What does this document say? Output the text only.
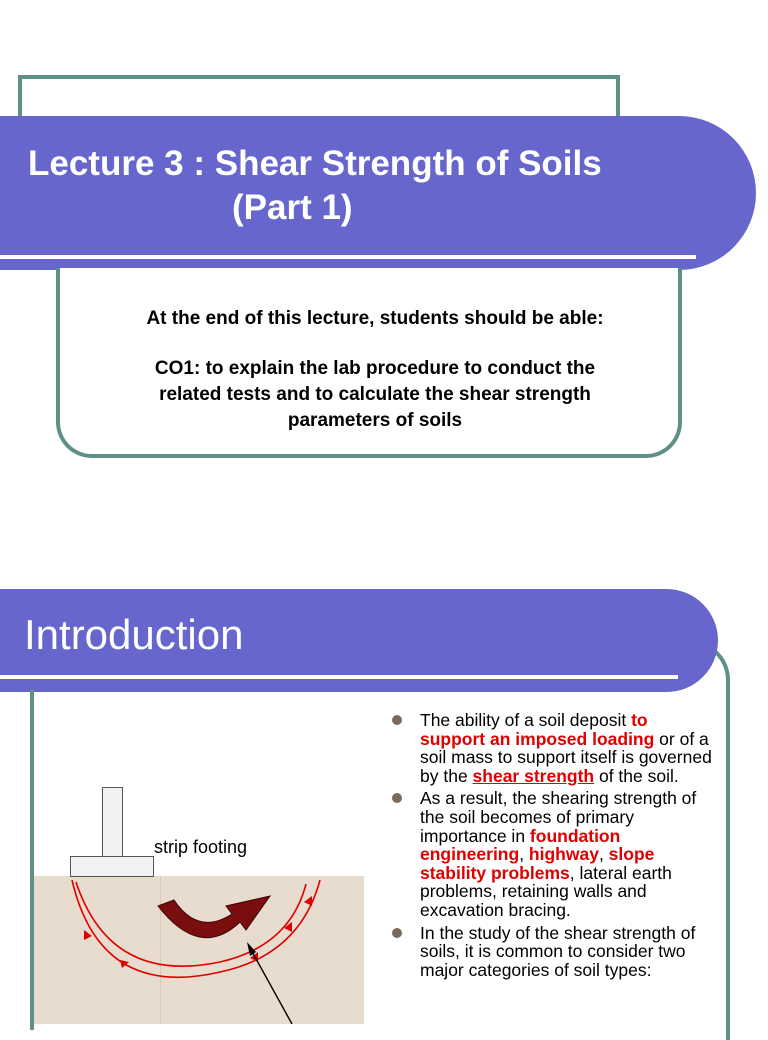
Lecture 3 : Shear Strength of Soils
(Part 1)

At the end of this lecture, students should be able:

CO1: to explain the lab procedure to conduct the

related tests and to calculate the shear strength

parameters of soils

Introduction
strip footing
The ability of a soil deposit to support an imposed loading or of a soil mass to support itself is governed by the shear strength of the soil.
As a result, the shearing strength of the soil becomes of primary importance in foundation engineering, highway, slope stability problems, lateral earth problems, retaining walls and excavation bracing.
In the study of the shear strength of soils, it is common to consider two major categories of soil types:
